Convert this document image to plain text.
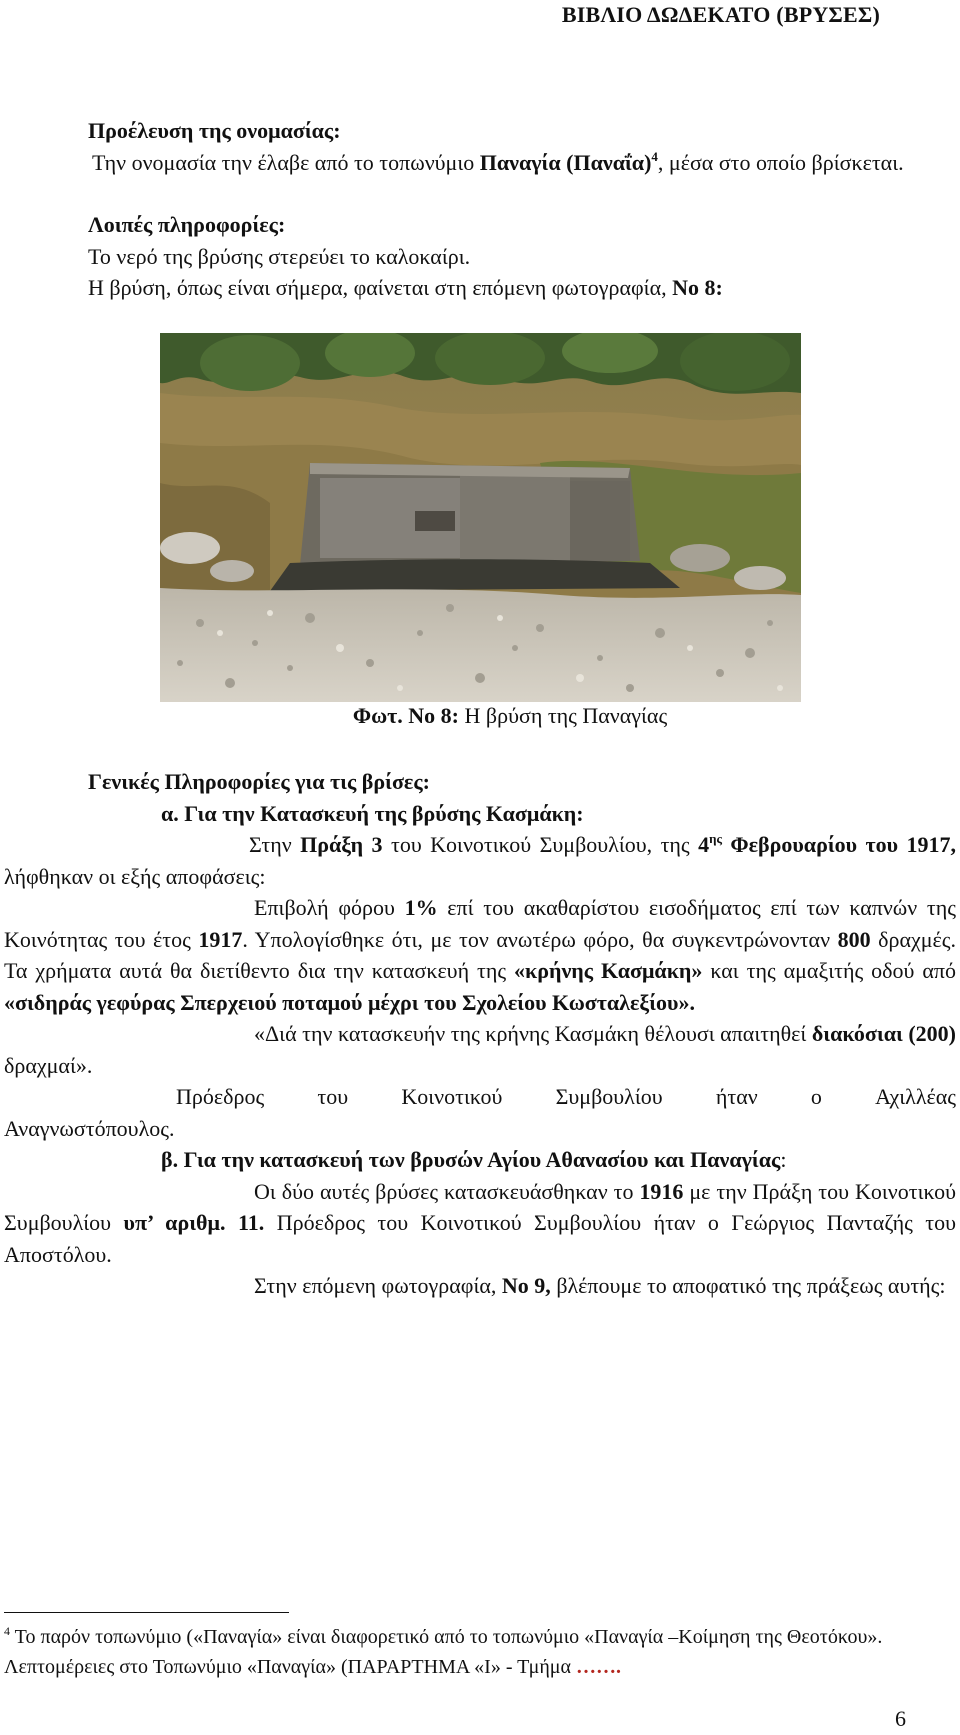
ΒΙΒΛΙΟ ΔΩΔΕΚΑΤΟ (ΒΡΥΣΕΣ)
Προέλευση της ονομασίας:
Την ονομασία την έλαβε από το τοπωνύμιο Παναγία $(\Pi\alpha\nu\alpha ΐ\alpha)^4$, μέσα στο οποίο βρίσκεται.
Λοιπές πληροφορίες:
Το νερό της βρύσης στερεύει το καλοκαίρι.
Η βρύση, όπως είναι σήμερα, φαίνεται στη επόμενη φωτογραφία, Νο 8:
Φωτ. Νο 8: Η βρύση της Παναγίας
Γενικές Πληροφορίες για τις βρίσες:
α. Για την Κατασκευή της βρύσης Κασμάκη:
Στην Πράξη 3 του Κοινοτικού Συμβουλίου, της $4^{\eta\varsigma}$ Φεβρουαρίου του 1917, λήφθηκαν οι εξής αποφάσεις:
Επιβολή φόρου 1% επί του ακαθαρίστου εισοδήματος επί των καπνών της Κοινότητας του έτος 1917. Υπολογίσθηκε ότι, με τον ανωτέρω φόρο, θα συγκεντρώνονταν 800 δραχμές. Τα χρήματα αυτά θα διετίθεντο δια την κατασκευή της «κρήνης Κασμάκη» και της αμαξιτής οδού από «σιδηράς γεφύρας Σπερχειού ποταμού μέχρι του Σχολείου Κωσταλεξίου».
«Διά την κατασκευήν της κρήνης Κασμάκη θέλουσι απαιτηθεί διακόσιαι (200) δραχμαί».
Πρόεδρος του Κοινοτικού Συμβουλίου ήταν ο Αχιλλέας
Αναγνωστόπουλος.
β. Για την κατασκευή των βρυσών Αγίου Αθανασίου και Παναγίας:
Οι δύο αυτές βρύσες κατασκευάσθηκαν το 1916 με την Πράξη του Κοινοτικού Συμβουλίου υπ’ αριθμ. 11. Πρόεδρος του Κοινοτικού Συμβουλίου ήταν ο Γεώργιος Πανταζής του Αποστόλου.
Στην επόμενη φωτογραφία, Νο 9, βλέπουμε το αποφατικό της πράξεως αυτής:
$^4$ Το παρόν τοπωνύμιο («Παναγία» είναι διαφορετικό από το τοπωνύμιο «Παναγία –Κοίμηση της Θεοτόκου». Λεπτομέρειες στο Τοπωνύμιο «Παναγία» (ΠΑΡΑΡΤΗΜΑ «Ι» - Τμήμα …….
6
